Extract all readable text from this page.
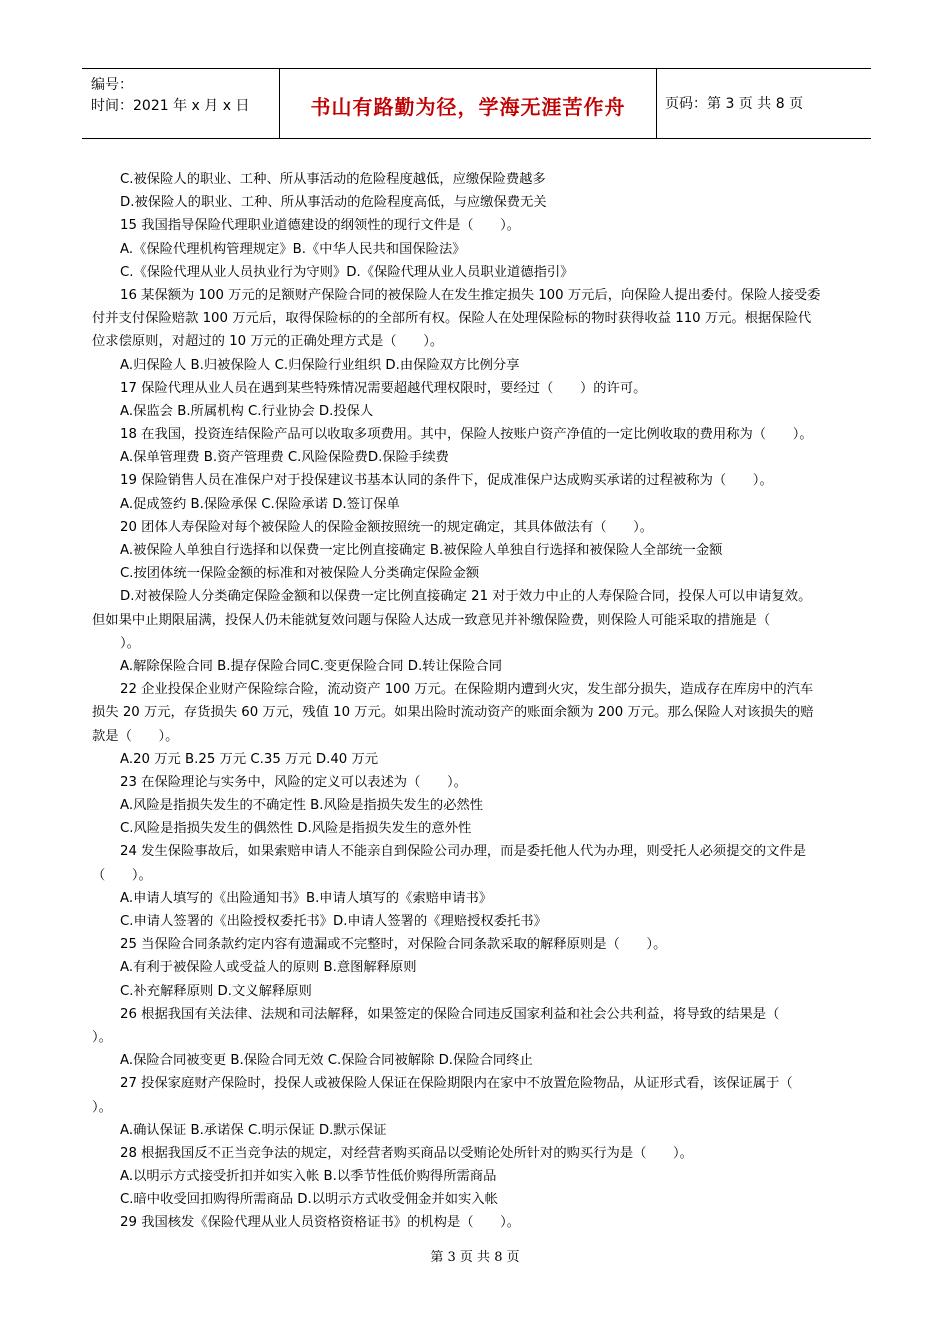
编号：
时间：2021 年 x 月 x 日	书山有路勤为径，学海无涯苦作舟	页码：第 3 页 共 8 页
C.被保险人的职业、工种、所从事活动的危险程度越低，应缴保险费越多
D.被保险人的职业、工种、所从事活动的危险程度高低，与应缴保费无关
15 我国指导保险代理职业道德建设的纲领性的现行文件是（　　）。
A.《保险代理机构管理规定》B.《中华人民共和国保险法》
C.《保险代理从业人员执业行为守则》D.《保险代理从业人员职业道德指引》
16 某保额为 100 万元的足额财产保险合同的被保险人在发生推定损失 100 万元后，向保险人提出委付。保险人接受委
付并支付保险赔款 100 万元后，取得保险标的的全部所有权。保险人在处理保险标的物时获得收益 110 万元。根据保险代
位求偿原则，对超过的 10 万元的正确处理方式是（　　）。
A.归保险人 B.归被保险人 C.归保险行业组织 D.由保险双方比例分享
17 保险代理从业人员在遇到某些特殊情况需要超越代理权限时，要经过（　　）的许可。
A.保监会 B.所属机构 C.行业协会 D.投保人
18 在我国，投资连结保险产品可以收取多项费用。其中，保险人按账户资产净值的一定比例收取的费用称为（　　）。
A.保单管理费 B.资产管理费 C.风险保险费D.保险手续费
19 保险销售人员在准保户对于投保建议书基本认同的条件下，促成准保户达成购买承诺的过程被称为（　　）。
A.促成签约 B.保险承保 C.保险承诺 D.签订保单
20 团体人寿保险对每个被保险人的保险金额按照统一的规定确定，其具体做法有（　　）。
A.被保险人单独自行选择和以保费一定比例直接确定 B.被保险人单独自行选择和被保险人全部统一金额
C.按团体统一保险金额的标准和对被保险人分类确定保险金额
D.对被保险人分类确定保险金额和以保费一定比例直接确定 21 对于效力中止的人寿保险合同，投保人可以申请复效。
但如果中止期限届满，投保人仍未能就复效问题与保险人达成一致意见并补缴保险费，则保险人可能采取的措施是（
）。
A.解除保险合同 B.提存保险合同C.变更保险合同 D.转让保险合同
22 企业投保企业财产保险综合险，流动资产 100 万元。在保险期内遭到火灾，发生部分损失，造成存在库房中的汽车
损失 20 万元，存货损失 60 万元，残值 10 万元。如果出险时流动资产的账面余额为 200 万元。那么保险人对该损失的赔
款是（　　）。
A.20 万元 B.25 万元 C.35 万元 D.40 万元
23 在保险理论与实务中，风险的定义可以表述为（　　）。
A.风险是指损失发生的不确定性 B.风险是指损失发生的必然性
C.风险是指损失发生的偶然性 D.风险是指损失发生的意外性
24 发生保险事故后，如果索赔申请人不能亲自到保险公司办理，而是委托他人代为办理，则受托人必须提交的文件是
（　　）。
A.申请人填写的《出险通知书》B.申请人填写的《索赔申请书》
C.申请人签署的《出险授权委托书》D.申请人签署的《理赔授权委托书》
25 当保险合同条款约定内容有遗漏或不完整时，对保险合同条款采取的解释原则是（　　）。
A.有利于被保险人或受益人的原则 B.意图解释原则
C.补充解释原则 D.文义解释原则
26 根据我国有关法律、法规和司法解释，如果签定的保险合同违反国家利益和社会公共利益，将导致的结果是（
）。
A.保险合同被变更 B.保险合同无效 C.保险合同被解除 D.保险合同终止
27 投保家庭财产保险时，投保人或被保险人保证在保险期限内在家中不放置危险物品，从证形式看，该保证属于（
）。
A.确认保证 B.承诺保 C.明示保证 D.默示保证
28 根据我国反不正当竞争法的规定，对经营者购买商品以受贿论处所针对的购买行为是（　　）。
A.以明示方式接受折扣并如实入帐 B.以季节性低价购得所需商品
C.暗中收受回扣购得所需商品 D.以明示方式收受佣金并如实入帐
29 我国核发《保险代理从业人员资格资格证书》的机构是（　　）。
第 3 页 共 8 页
